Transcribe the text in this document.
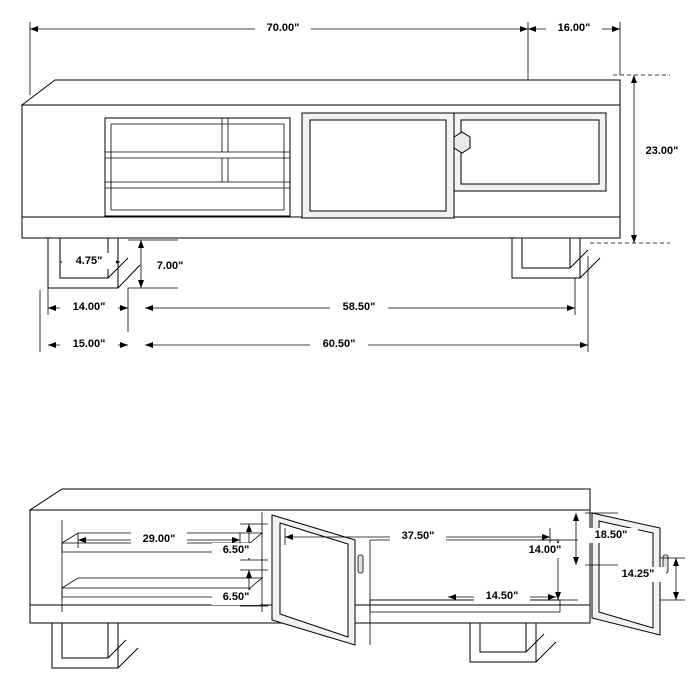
70.00"	16.00"
23.00"
4.75"	7.00"
14.00"	58.50"
15.00"	60.50"
29.00"
6.50"
6.50"
37.50"
14.00"
18.50"
14.25"
14.50"
